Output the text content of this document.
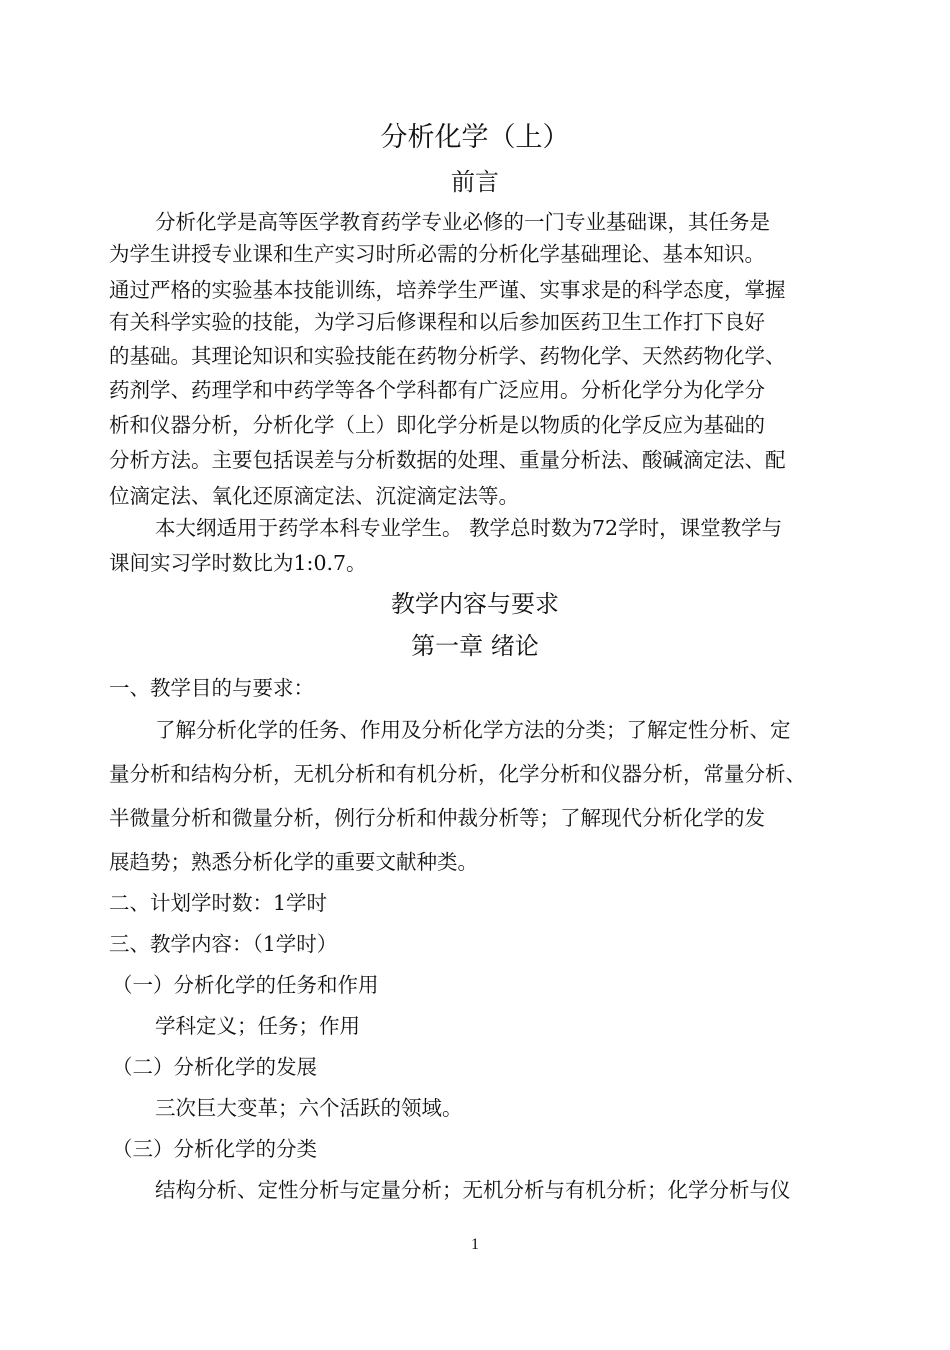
分析化学（上）
前言
分析化学是高等医学教育药学专业必修的一门专业基础课，其任务是
为学生讲授专业课和生产实习时所必需的分析化学基础理论、基本知识。
通过严格的实验基本技能训练，培养学生严谨、实事求是的科学态度，掌握
有关科学实验的技能，为学习后修课程和以后参加医药卫生工作打下良好
的基础。其理论知识和实验技能在药物分析学、药物化学、天然药物化学、
药剂学、药理学和中药学等各个学科都有广泛应用。分析化学分为化学分
析和仪器分析，分析化学（上）即化学分析是以物质的化学反应为基础的
分析方法。主要包括误差与分析数据的处理、重量分析法、酸碱滴定法、配
位滴定法、氧化还原滴定法、沉淀滴定法等。
本大纲适用于药学本科专业学生。 教学总时数为72学时，课堂教学与
课间实习学时数比为1:0.7。
教学内容与要求
第一章 绪论
一、教学目的与要求：
了解分析化学的任务、作用及分析化学方法的分类；了解定性分析、定
量分析和结构分析，无机分析和有机分析，化学分析和仪器分析，常量分析、
半微量分析和微量分析，例行分析和仲裁分析等；了解现代分析化学的发
展趋势；熟悉分析化学的重要文献种类。
二、计划学时数：1学时
三、教学内容：（1学时）
（一）分析化学的任务和作用
学科定义；任务；作用
（二）分析化学的发展
三次巨大变革；六个活跃的领域。
（三）分析化学的分类
结构分析、定性分析与定量分析；无机分析与有机分析；化学分析与仪
1
